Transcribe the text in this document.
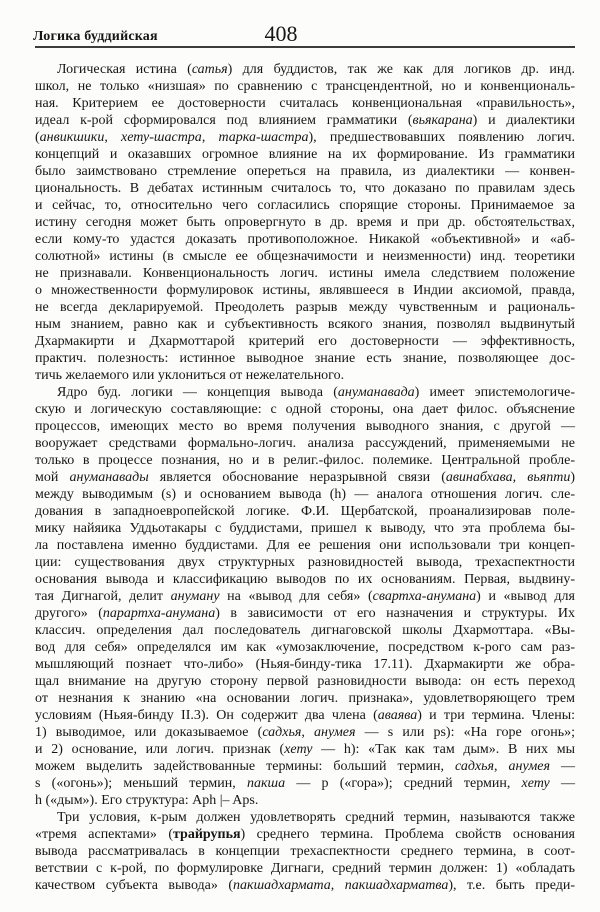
Логика буддийская	408
Логическая истина (сатья) для буддистов, так же как для логиков др. инд.
школ, не только «низшая» по сравнению с трансцендентной, но и конвенциональ-
ная. Критерием ее достоверности считалась конвенциональная «правильность»,
идеал к-рой сформировался под влиянием грамматики (вьякарана) и диалектики
(анвикшики, хету-шастра, тарка-шастра), предшествовавших появлению логич.
концепций и оказавших огромное влияние на их формирование. Из грамматики
было заимствовано стремление опереться на правила, из диалектики — конвен-
циональность. В дебатах истинным считалось то, что доказано по правилам здесь
и сейчас, то, относительно чего согласились спорящие стороны. Принимаемое за
истину сегодня может быть опровергнуто в др. время и при др. обстоятельствах,
если кому-то удастся доказать противоположное. Никакой «объективной» и «аб-
солютной» истины (в смысле ее общезначимости и неизменности) инд. теоретики
не признавали. Конвенциональность логич. истины имела следствием положение
о множественности формулировок истины, являвшееся в Индии аксиомой, правда,
не всегда декларируемой. Преодолеть разрыв между чувственным и рациональ-
ным знанием, равно как и субъективность всякого знания, позволял выдвинутый
Дхармакирти и Дхармоттарой критерий его достоверности — эффективность,
практич. полезность: истинное выводное знание есть знание, позволяющее дос-
тичь желаемого или уклониться от нежелательного.
Ядро буд. логики — концепция вывода (ануманавада) имеет эпистемологиче-
скую и логическую составляющие: с одной стороны, она дает филос. объяснение
процессов, имеющих место во время получения выводного знания, с другой —
вооружает средствами формально-логич. анализа рассуждений, применяемыми не
только в процессе познания, но и в религ.-филос. полемике. Центральной пробле-
мой ануманавады является обоснование неразрывной связи (авинабхава, вьяпти)
между выводимым (s) и основанием вывода (h) — аналога отношения логич. сле-
дования в западноевропейской логике. Ф.И. Щербатской, проанализировав поле-
мику найяика Уддьотакары с буддистами, пришел к выводу, что эта проблема бы-
ла поставлена именно буддистами. Для ее решения они использовали три концеп-
ции: существования двух структурных разновидностей вывода, трехаспектности
основания вывода и классификацию выводов по их основаниям. Первая, выдвину-
тая Дигнагой, делит ануману на «вывод для себя» (свартха-анумана) и «вывод для
другого» (парартха-анумана) в зависимости от его назначения и структуры. Их
классич. определения дал последователь дигнаговской школы Дхармоттара. «Вы-
вод для себя» определялся им как «умозаключение, посредством к-рого сам раз-
мышляющий познает что-либо» (Ньяя-бинду-тика 17.11). Дхармакирти же обра-
щал внимание на другую сторону первой разновидности вывода: он есть переход
от незнания к знанию «на основании логич. признака», удовлетворяющего трем
условиям (Ньяя-бинду II.3). Он содержит два члена (аваява) и три термина. Члены:
1) выводимое, или доказываемое (садхья, анумея — s или ps): «На горе огонь»;
и 2) основание, или логич. признак (хету — h): «Так как там дым». В них мы
можем выделить задействованные термины: больший термин, садхья, анумея —
s («огонь»); меньший термин, пакша — p («гора»); средний термин, хету —
h («дым»). Его структура: Aph |– Aps.
Три условия, к-рым должен удовлетворять средний термин, называются также
«тремя аспектами» (трайрупья) среднего термина. Проблема свойств основания
вывода рассматривалась в концепции трехаспектности среднего термина, в соот-
ветствии с к-рой, по формулировке Дигнаги, средний термин должен: 1) «обладать
качеством субъекта вывода» (пакшадхармата, пакшадхарматва), т.е. быть преди-
